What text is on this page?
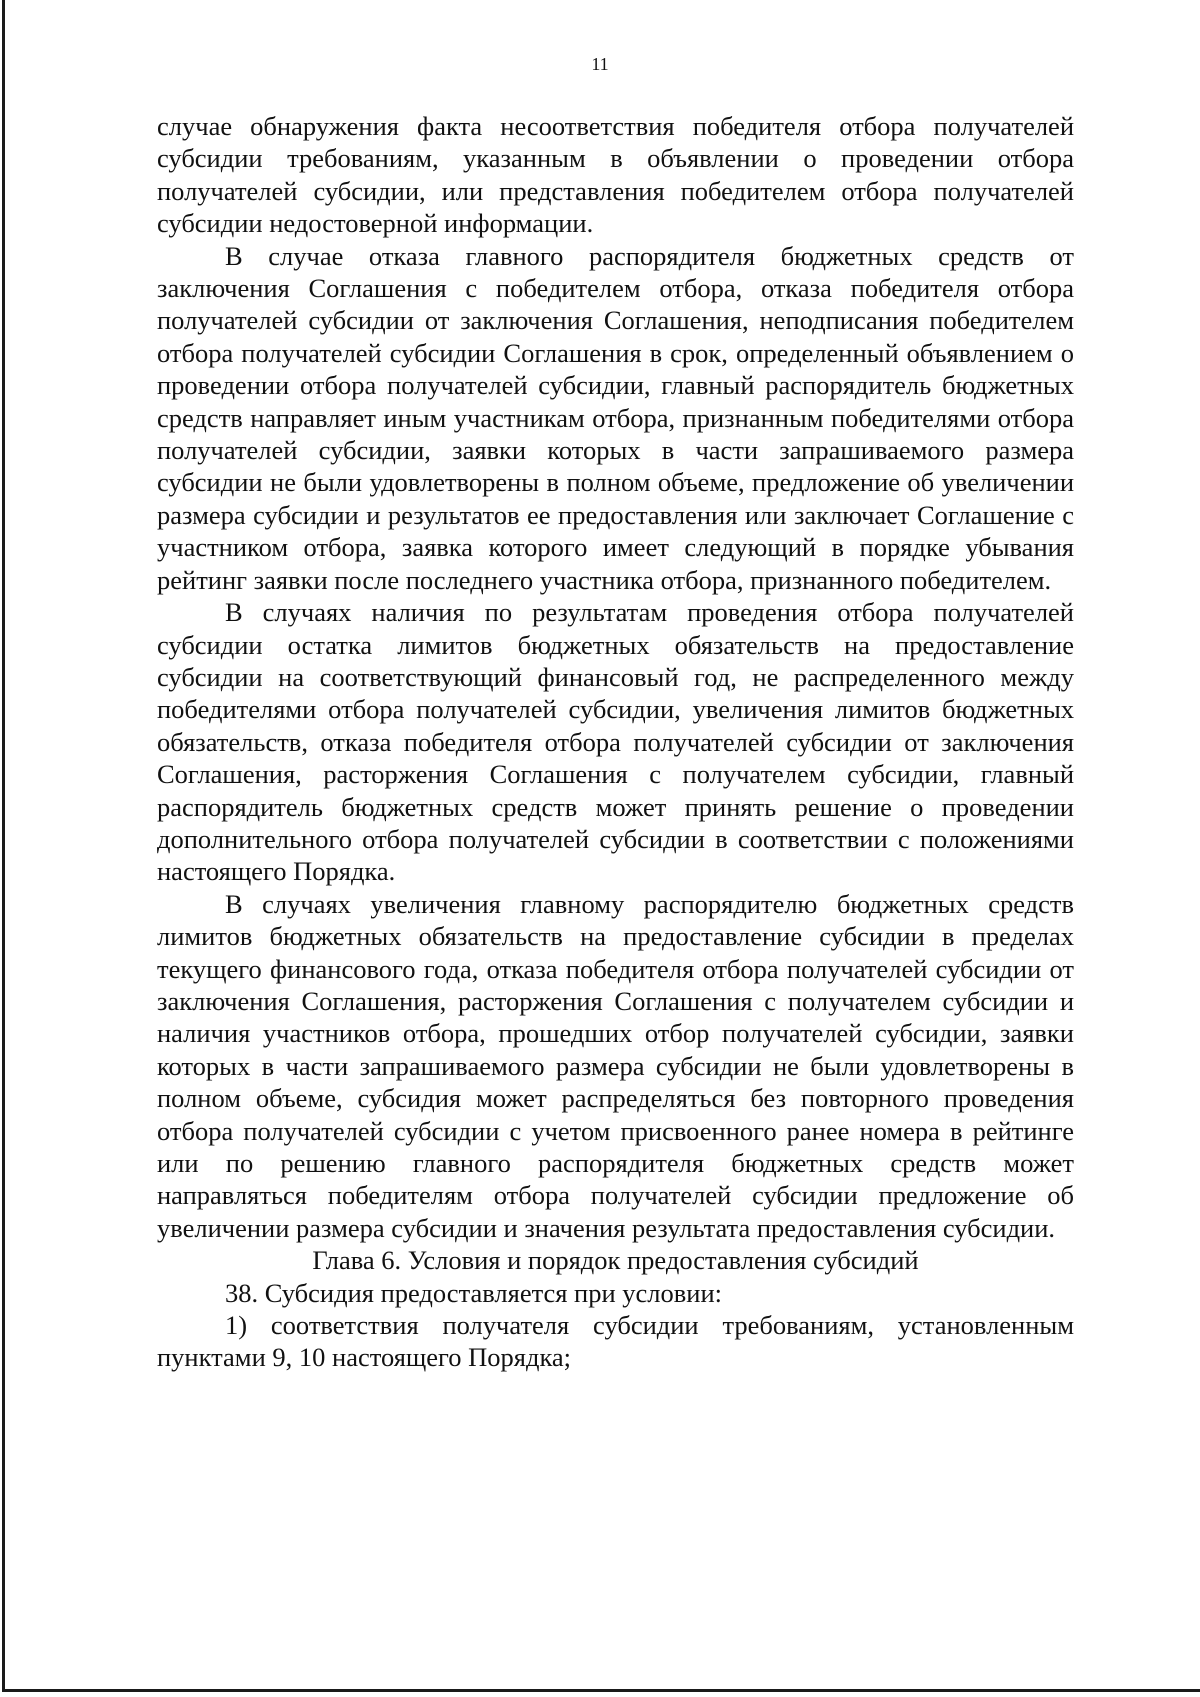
11

случае обнаружения факта несоответствия победителя отбора получателей субсидии требованиям, указанным в объявлении о проведении отбора получателей субсидии, или представления победителем отбора получателей субсидии недостоверной информации.

В случае отказа главного распорядителя бюджетных средств от заключения Соглашения с победителем отбора, отказа победителя отбора получателей субсидии от заключения Соглашения, неподписания победителем отбора получателей субсидии Соглашения в срок, определенный объявлением о проведении отбора получателей субсидии, главный распорядитель бюджетных средств направляет иным участникам отбора, признанным победителями отбора получателей субсидии, заявки которых в части запрашиваемого размера субсидии не были удовлетворены в полном объеме, предложение об увеличении размера субсидии и результатов ее предоставления или заключает Соглашение с участником отбора, заявка которого имеет следующий в порядке убывания рейтинг заявки после последнего участника отбора, признанного победителем.

В случаях наличия по результатам проведения отбора получателей субсидии остатка лимитов бюджетных обязательств на предоставление субсидии на соответствующий финансовый год, не распределенного между победителями отбора получателей субсидии, увеличения лимитов бюджетных обязательств, отказа победителя отбора получателей субсидии от заключения Соглашения, расторжения Соглашения с получателем субсидии, главный распорядитель бюджетных средств может принять решение о проведении дополнительного отбора получателей субсидии в соответствии с положениями настоящего Порядка.

В случаях увеличения главному распорядителю бюджетных средств лимитов бюджетных обязательств на предоставление субсидии в пределах текущего финансового года, отказа победителя отбора получателей субсидии от заключения Соглашения, расторжения Соглашения с получателем субсидии и наличия участников отбора, прошедших отбор получателей субсидии, заявки которых в части запрашиваемого размера субсидии не были удовлетворены в полном объеме, субсидия может распределяться без повторного проведения отбора получателей субсидии с учетом присвоенного ранее номера в рейтинге или по решению главного распорядителя бюджетных средств может направляться победителям отбора получателей субсидии предложение об увеличении размера субсидии и значения результата предоставления субсидии.

Глава 6. Условия и порядок предоставления субсидий

38. Субсидия предоставляется при условии:

1) соответствия получателя субсидии требованиям, установленным пунктами 9, 10 настоящего Порядка;
